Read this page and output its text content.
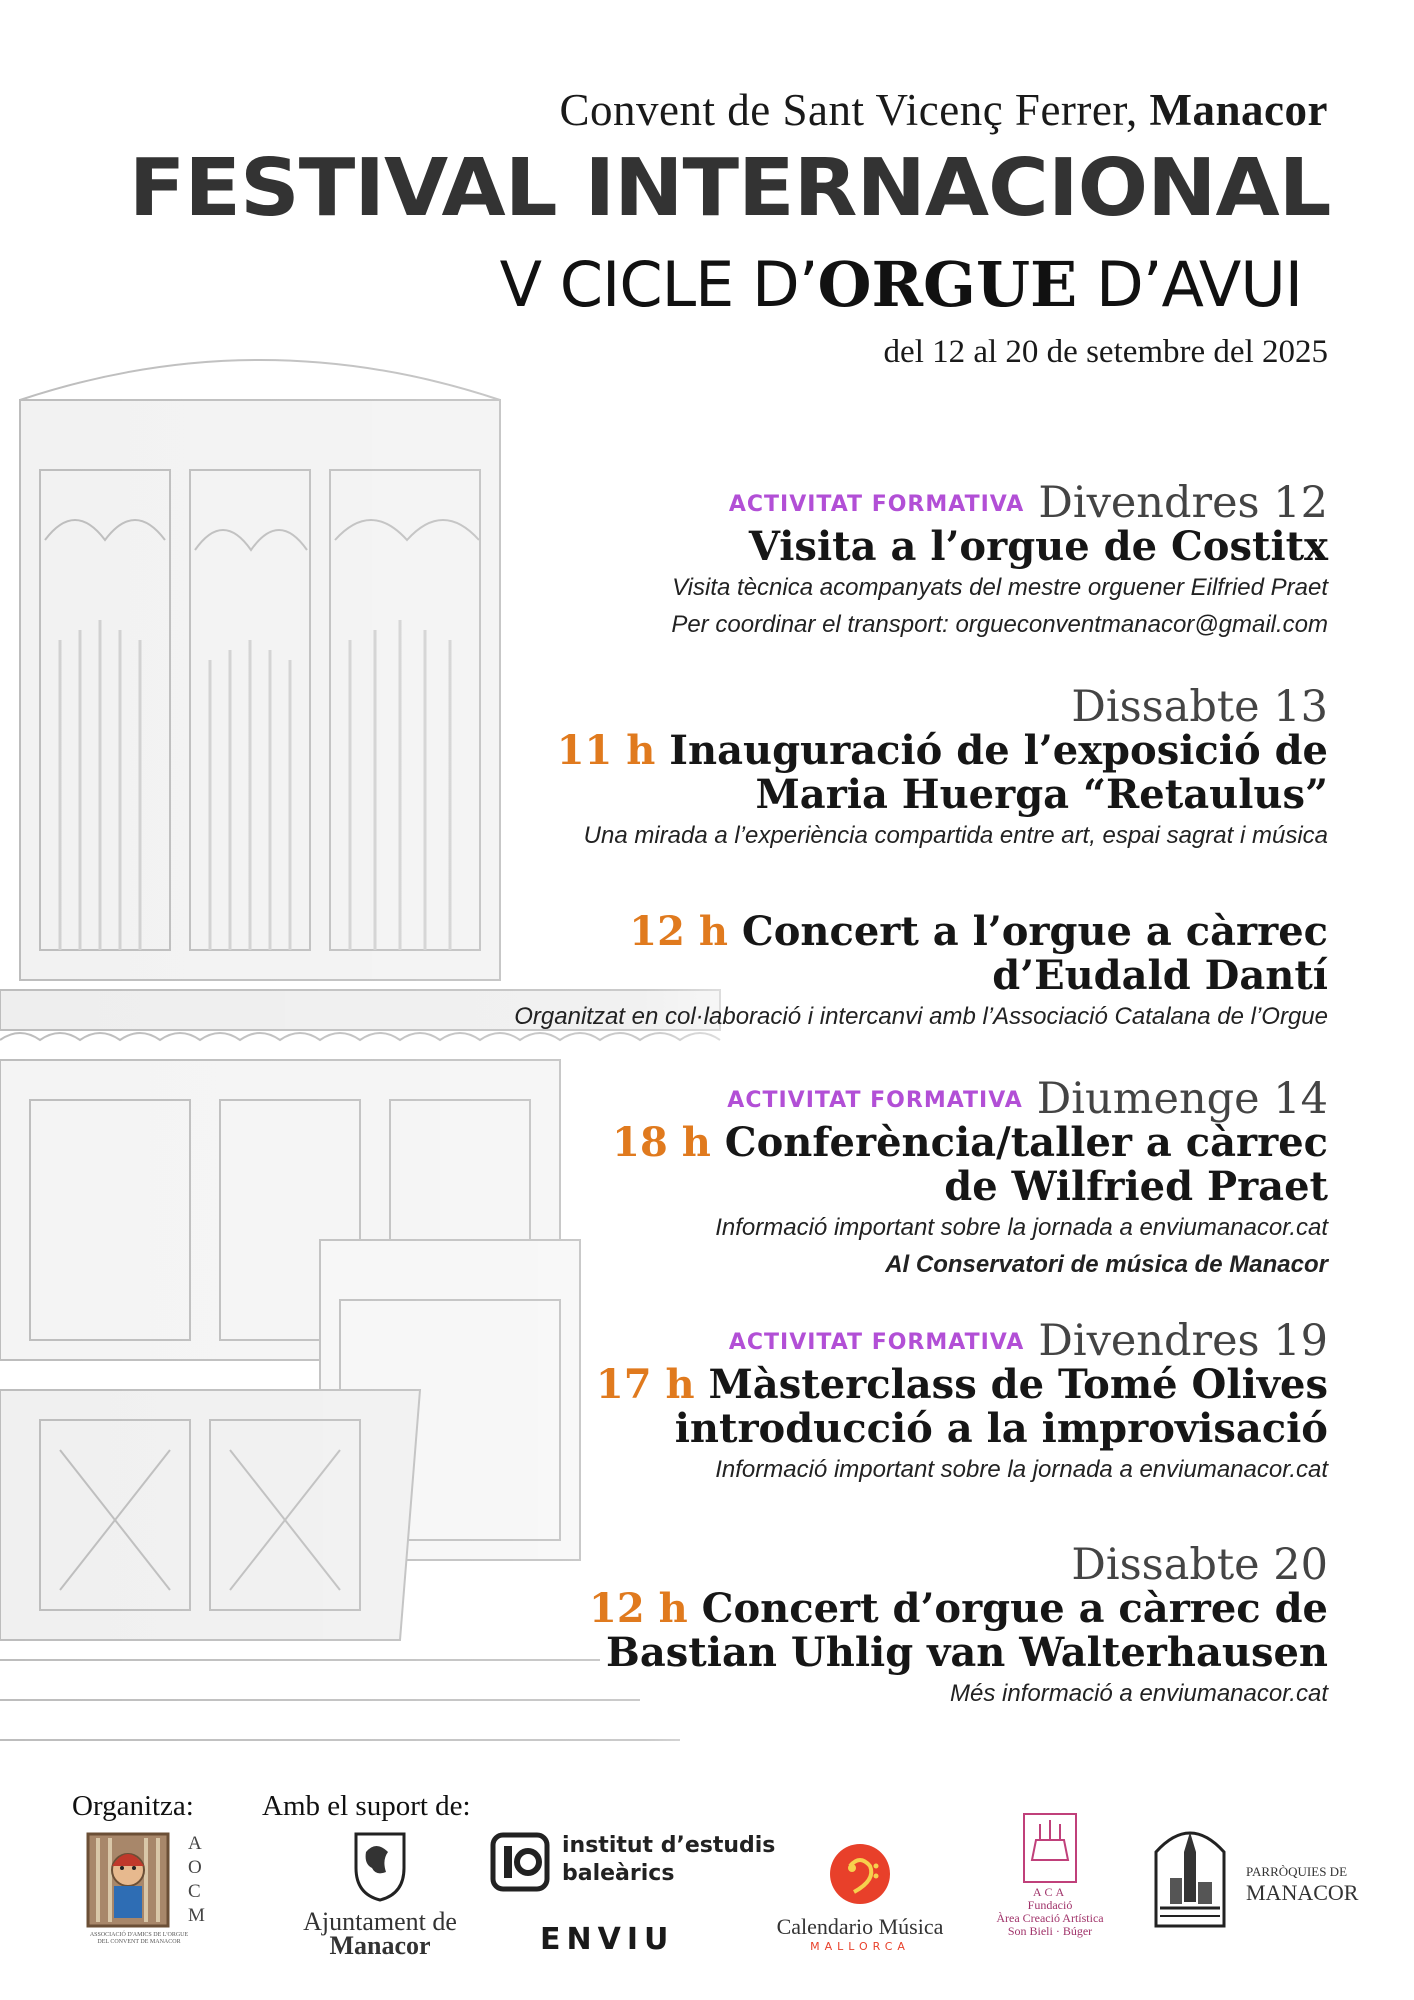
Convent de Sant Vicenç Ferrer, Manacor
FESTIVAL INTERNACIONAL
V CICLE D’ORGUE D’AVUI
del 12 al 20 de setembre del 2025
ACTIVITAT FORMATIVA Divendres 12
Visita a l’orgue de Costitx
Visita tècnica acompanyats del mestre orguener Eilfried Praet
Per coordinar el transport: orgueconventmanacor@gmail.com
Dissabte 13
11 h Inauguració de l’exposició de
Maria Huerga “Retaulus”
Una mirada a l’experiència compartida entre art, espai sagrat i música
12 h Concert a l’orgue a càrrec
d’Eudald Dantí
Organitzat en col·laboració i intercanvi amb l’Associació Catalana de l’Orgue
ACTIVITAT FORMATIVA Diumenge 14
18 h Conferència/taller a càrrec
de Wilfried Praet
Informació important sobre la jornada a enviumanacor.cat
Al Conservatori de música de Manacor
ACTIVITAT FORMATIVA Divendres 19
17 h Màsterclass de Tomé Olives
introducció a la improvisació
Informació important sobre la jornada a enviumanacor.cat
Dissabte 20
12 h Concert d’orgue a càrrec de
Bastian Uhlig van Walterhausen
Més informació a enviumanacor.cat
Organitza: Amb el suport de:
A
O
C
M
ASSOCIACIÓ D'AMICS DE L'ORGUE DEL CONVENT DE MANACOR
Ajuntament de
Manacor
institut d’estudis
baleàrics
ENVIU	Calendario Música
MALLORCA
ACA
Fundació
Àrea Creació Artística
Son Bieli · Búger
PARRÒQUIES DE
MANACOR
